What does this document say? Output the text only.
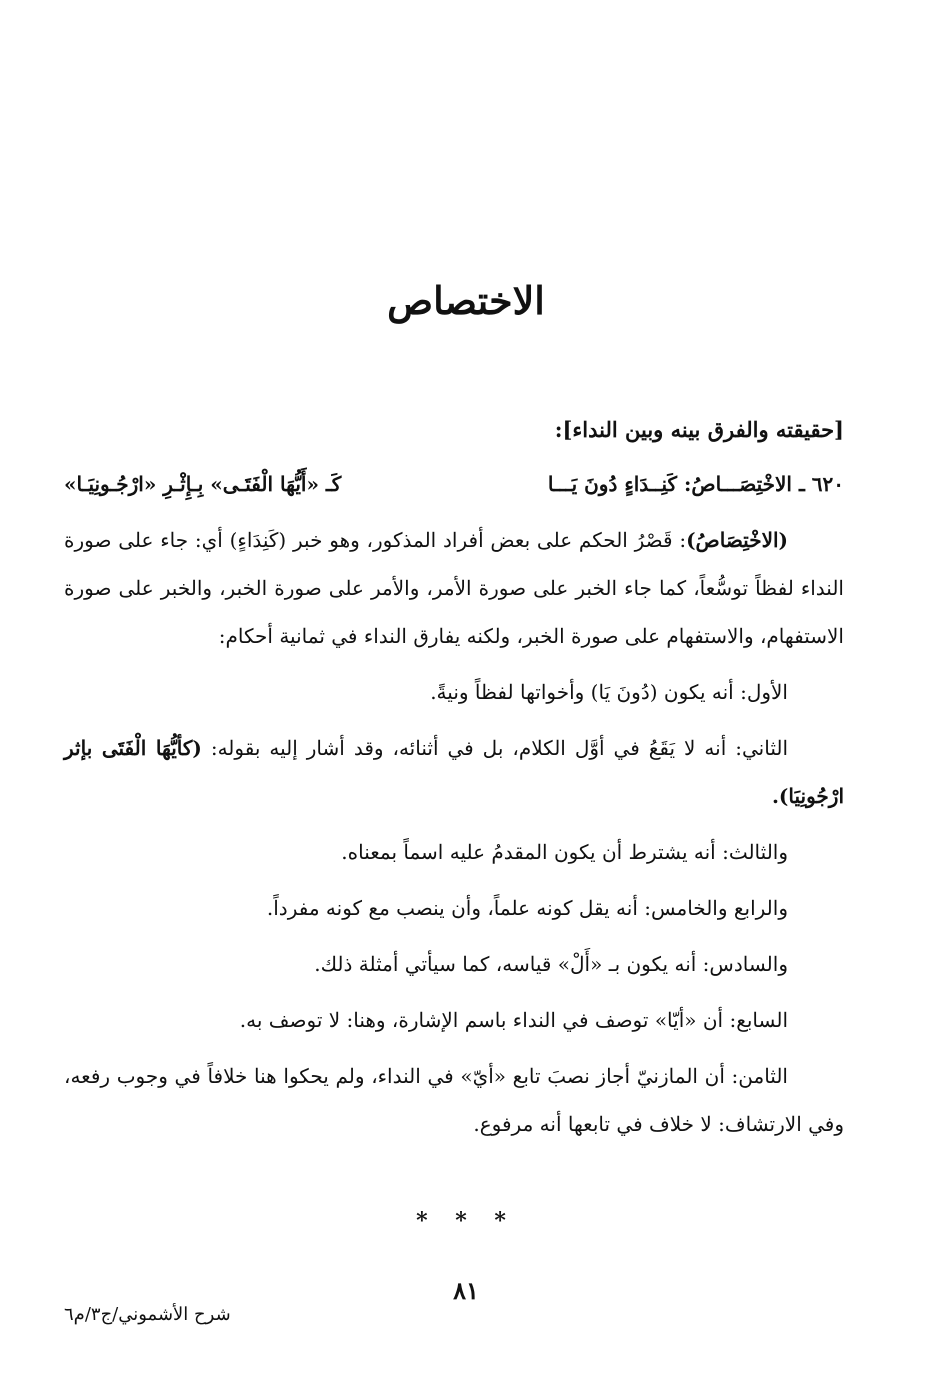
الاختصاص

[حقيقته والفرق بينه وبين النداء]:

٦٢٠ ـ الاخْتِصَـــاصُ: كَنِــدَاءٍ دُونَ يَـــا
كَـ «أَيُّهَا الْفَتَـى» بِـإِثْـرِ «ارْجُـونِيَـا»

(الاخْتِصَاصُ): قَصْرُ الحكم على بعض أفراد المذكور، وهو خبر (كَنِدَاءٍ) أي: جاء على صورة النداء لفظاً توسُّعاً، كما جاء الخبر على صورة الأمر، والأمر على صورة الخبر، والخبر على صورة الاستفهام، والاستفهام على صورة الخبر، ولكنه يفارق النداء في ثمانية أحكام:

الأول: أنه يكون (دُونَ يَا) وأخواتها لفظاً ونيةً.

الثاني: أنه لا يَقَعُ في أوَّل الكلام، بل في أثنائه، وقد أشار إليه بقوله: (كأيُّهَا الْفَتَى بإثر ارْجُونِيَا).

والثالث: أنه يشترط أن يكون المقدمُ عليه اسماً بمعناه.

والرابع والخامس: أنه يقل كونه علماً، وأن ينصب مع كونه مفرداً.

والسادس: أنه يكون بـ «أَلْ» قياسه، كما سيأتي أمثلة ذلك.

السابع: أن «أيّا» توصف في النداء باسم الإشارة، وهنا: لا توصف به.

الثامن: أن المازنيّ أجاز نصبَ تابع «أيّ» في النداء، ولم يحكوا هنا خلافاً في وجوب رفعه، وفي الارتشاف: لا خلاف في تابعها أنه مرفوع.

* * *
٨١
شرح الأشموني/ج٣/م٦
